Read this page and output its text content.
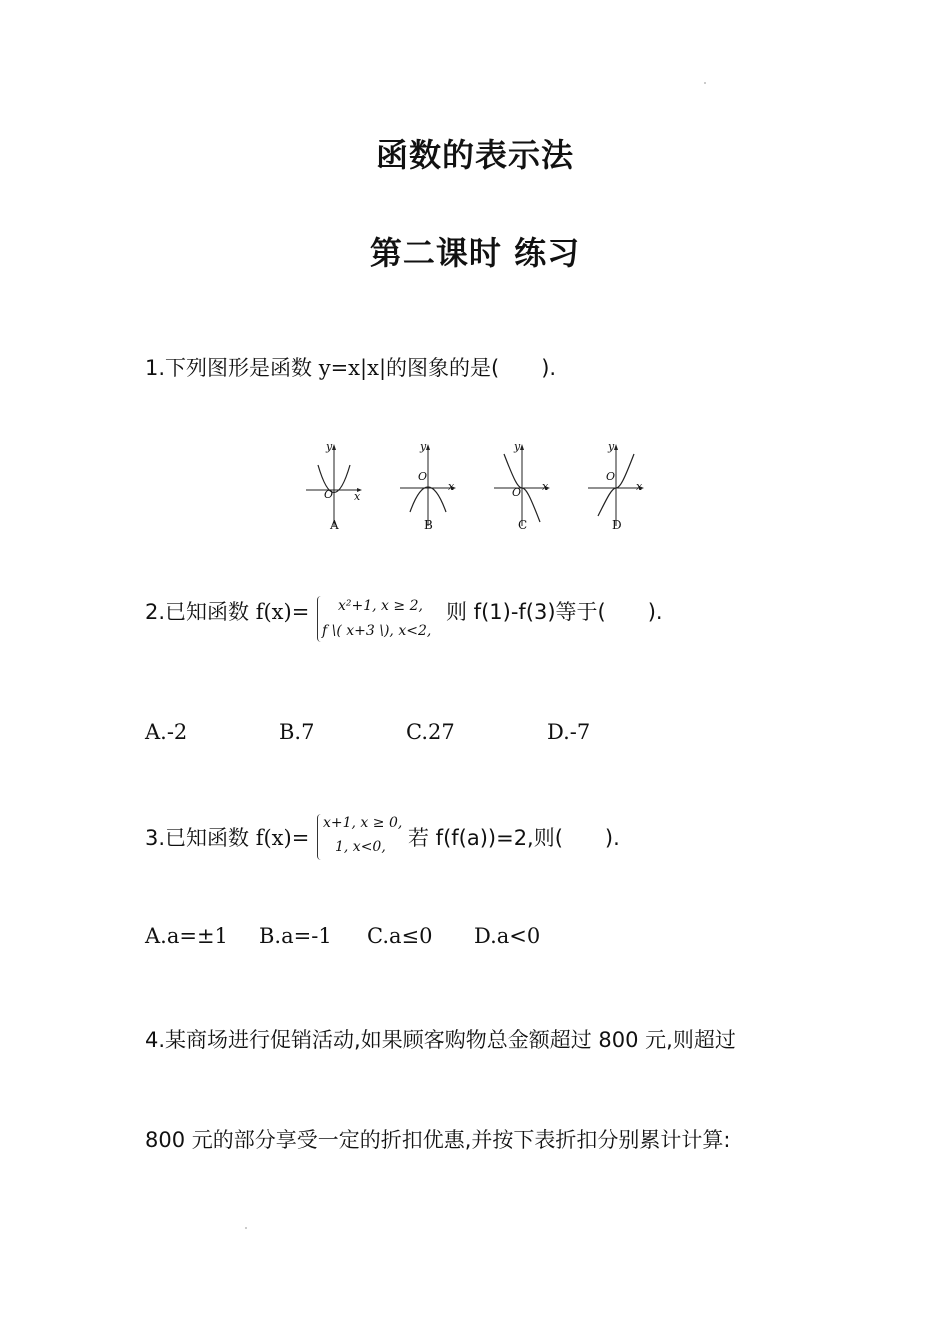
函数的表示法
第二课时 练习
1.下列图形是函数 y=x|x|的图象的是(　　).
y
x
O
A
y
x
O
B
y
x
O
C
y
x
O
D
2.已知函数 f(x)= x²+1, x ≥ 2,
f \( x+3 \), x<2,
则 f(1)-f(3)等于(　　).
A.-2	B.7	C.27	D.-7
3.已知函数 f(x)=
x+1, x ≥ 0,
1, x<0, 若 f(f(a))=2,则(　　).
A.a=±1 B.a=-1 C.a≤0 D.a<0
4.某商场进行促销活动,如果顾客购物总金额超过 800 元,则超过
800 元的部分享受一定的折扣优惠,并按下表折扣分别累计计算:
